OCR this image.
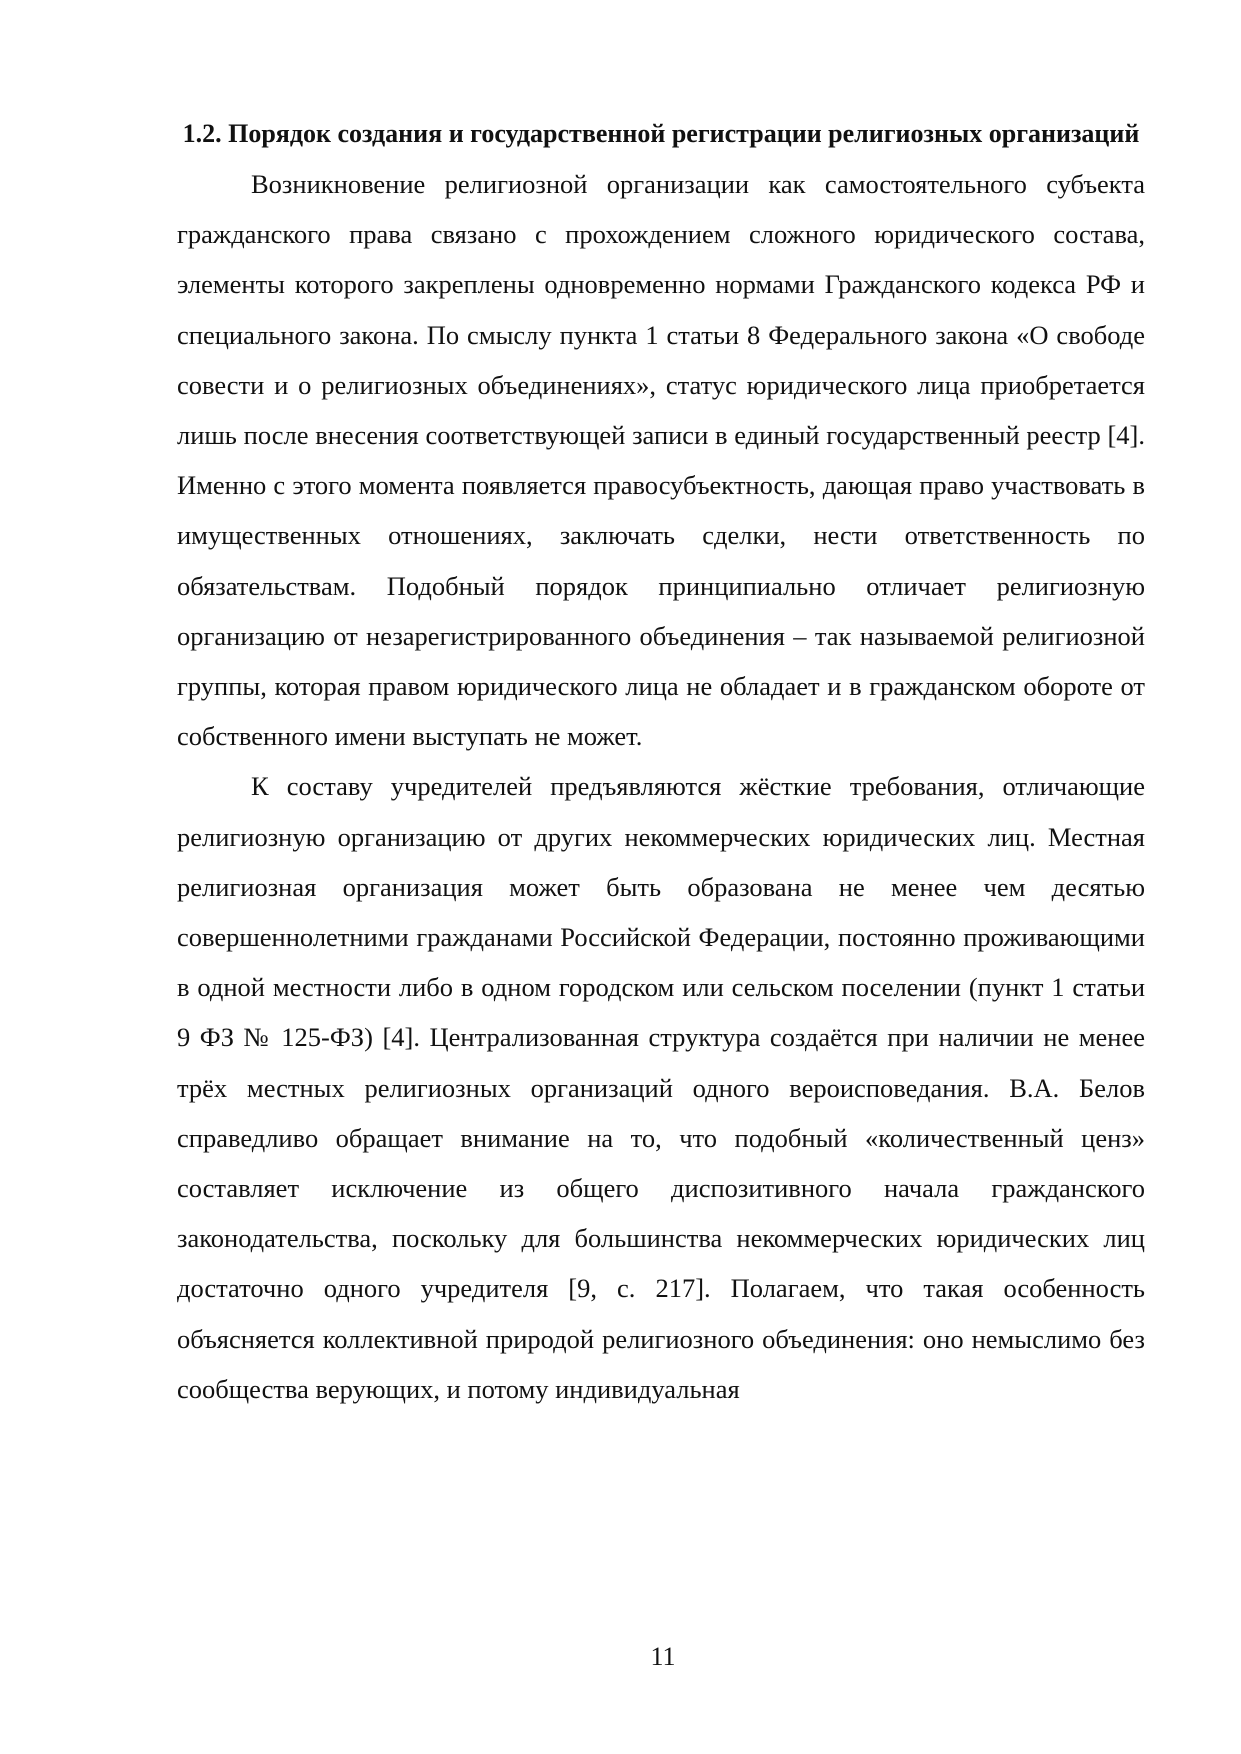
1.2. Порядок создания и государственной регистрации религиозных организаций

Возникновение религиозной организации как самостоятельного субъекта гражданского права связано с прохождением сложного юридического состава, элементы которого закреплены одновременно нормами Гражданского кодекса РФ и специального закона. По смыслу пункта 1 статьи 8 Федерального закона «О свободе совести и о религиозных объединениях», статус юридического лица приобретается лишь после внесения соответствующей записи в единый государственный реестр [4]. Именно с этого момента появляется правосубъектность, дающая право участвовать в имущественных отношениях, заключать сделки, нести ответственность по обязательствам. Подобный порядок принципиально отличает религиозную организацию от незарегистрированного объединения – так называемой религиозной группы, которая правом юридического лица не обладает и в гражданском обороте от собственного имени выступать не может.

К составу учредителей предъявляются жёсткие требования, отличающие религиозную организацию от других некоммерческих юридических лиц. Местная религиозная организация может быть образована не менее чем десятью совершеннолетними гражданами Российской Федерации, постоянно проживающими в одной местности либо в одном городском или сельском поселении (пункт 1 статьи 9 ФЗ № 125-ФЗ) [4]. Централизованная структура создаётся при наличии не менее трёх местных религиозных организаций одного вероисповедания. В.А. Белов справедливо обращает внимание на то, что подобный «количественный ценз» составляет исключение из общего диспозитивного начала гражданского законодательства, поскольку для большинства некоммерческих юридических лиц достаточно одного учредителя [9, с. 217]. Полагаем, что такая особенность объясняется коллективной природой религиозного объединения: оно немыслимо без сообщества верующих, и потому индивидуальная

11
